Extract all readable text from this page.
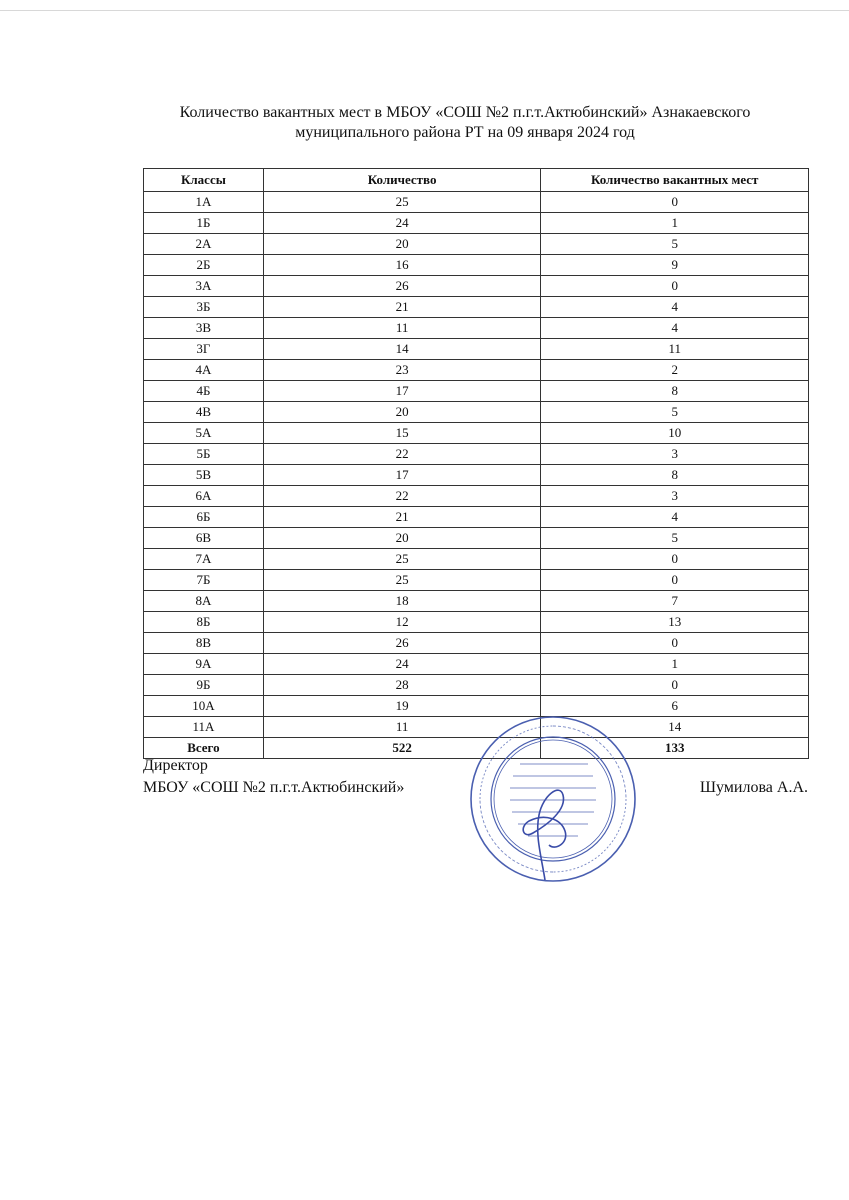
Количество вакантных мест в МБОУ «СОШ №2 п.г.т.Актюбинский» Азнакаевского
муниципального района РТ на 09 января 2024 год
Классы	Количество	Количество вакантных мест
1А	25	0
1Б	24	1
2А	20	5
2Б	16	9
3А	26	0
3Б	21	4
3В	11	4
3Г	14	11
4А	23	2
4Б	17	8
4В	20	5
5А	15	10
5Б	22	3
5В	17	8
6А	22	3
6Б	21	4
6В	20	5
7А	25	0
7Б	25	0
8А	18	7
8Б	12	13
8В	26	0
9А	24	1
9Б	28	0
10А	19	6
11А	11	14
Всего	522	133
Директор
МБОУ «СОШ №2 п.г.т.Актюбинский»	Шумилова А.А.
